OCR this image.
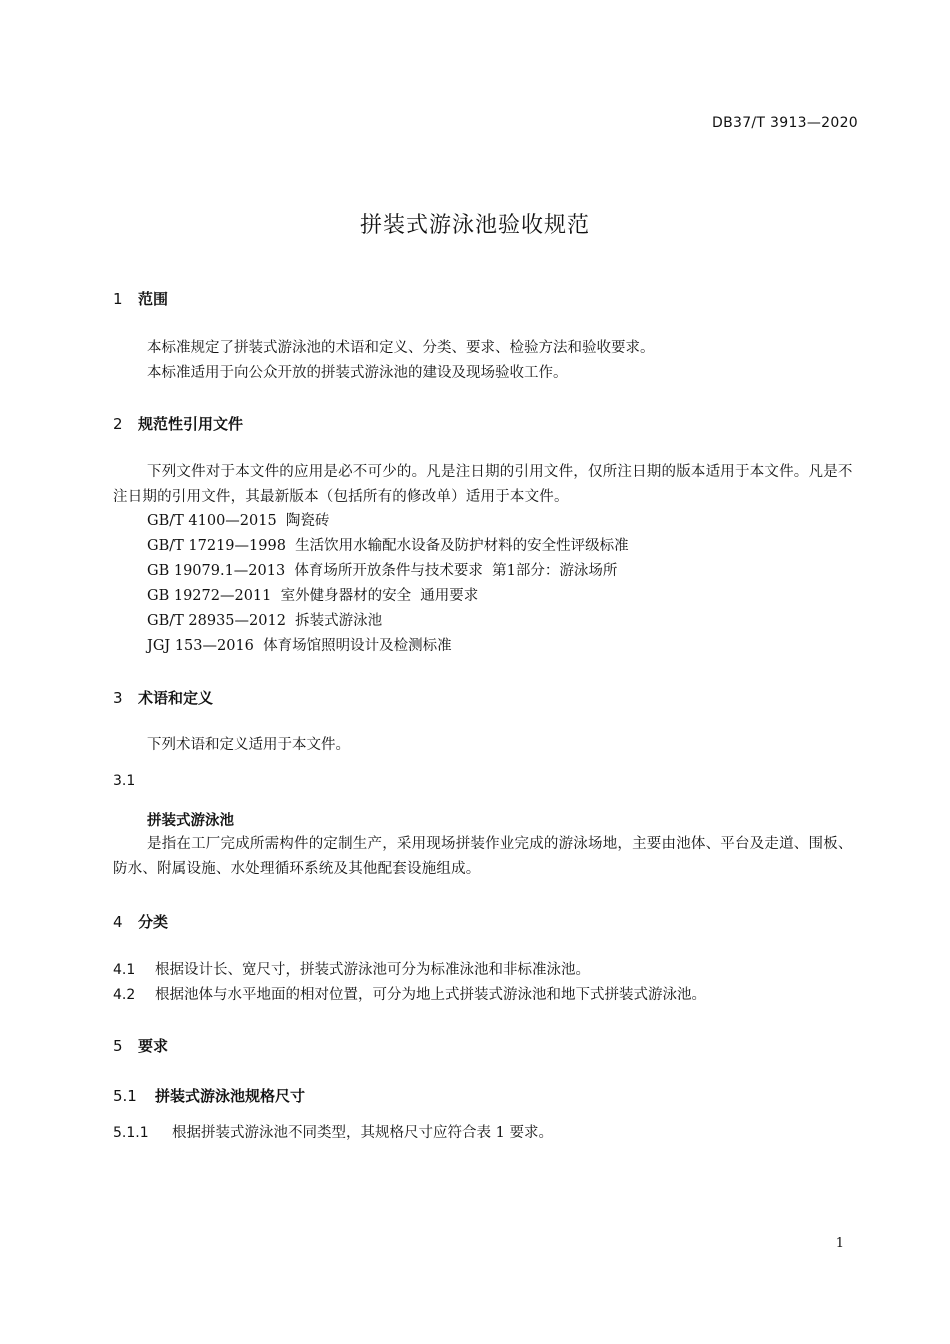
DB37/T 3913—2020
拼装式游泳池验收规范
1 范围
本标准规定了拼装式游泳池的术语和定义、分类、要求、检验方法和验收要求。
本标准适用于向公众开放的拼装式游泳池的建设及现场验收工作。
2 规范性引用文件
下列文件对于本文件的应用是必不可少的。凡是注日期的引用文件，仅所注日期的版本适用于本文件。凡是不注日期的引用文件，其最新版本（包括所有的修改单）适用于本文件。
GB/T 4100—2015  陶瓷砖
GB/T 17219—1998  生活饮用水输配水设备及防护材料的安全性评级标准
GB 19079.1—2013  体育场所开放条件与技术要求  第1部分：游泳场所
GB 19272—2011  室外健身器材的安全  通用要求
GB/T 28935—2012  拆装式游泳池
JGJ 153—2016  体育场馆照明设计及检测标准
3 术语和定义
下列术语和定义适用于本文件。
3.1
拼装式游泳池
是指在工厂完成所需构件的定制生产，采用现场拼装作业完成的游泳场地，主要由池体、平台及走道、围板、防水、附属设施、水处理循环系统及其他配套设施组成。
4 分类
4.1 根据设计长、宽尺寸，拼装式游泳池可分为标准泳池和非标准泳池。
4.2 根据池体与水平地面的相对位置，可分为地上式拼装式游泳池和地下式拼装式游泳池。
5 要求
5.1 拼装式游泳池规格尺寸
5.1.1 根据拼装式游泳池不同类型，其规格尺寸应符合表 1 要求。
1
